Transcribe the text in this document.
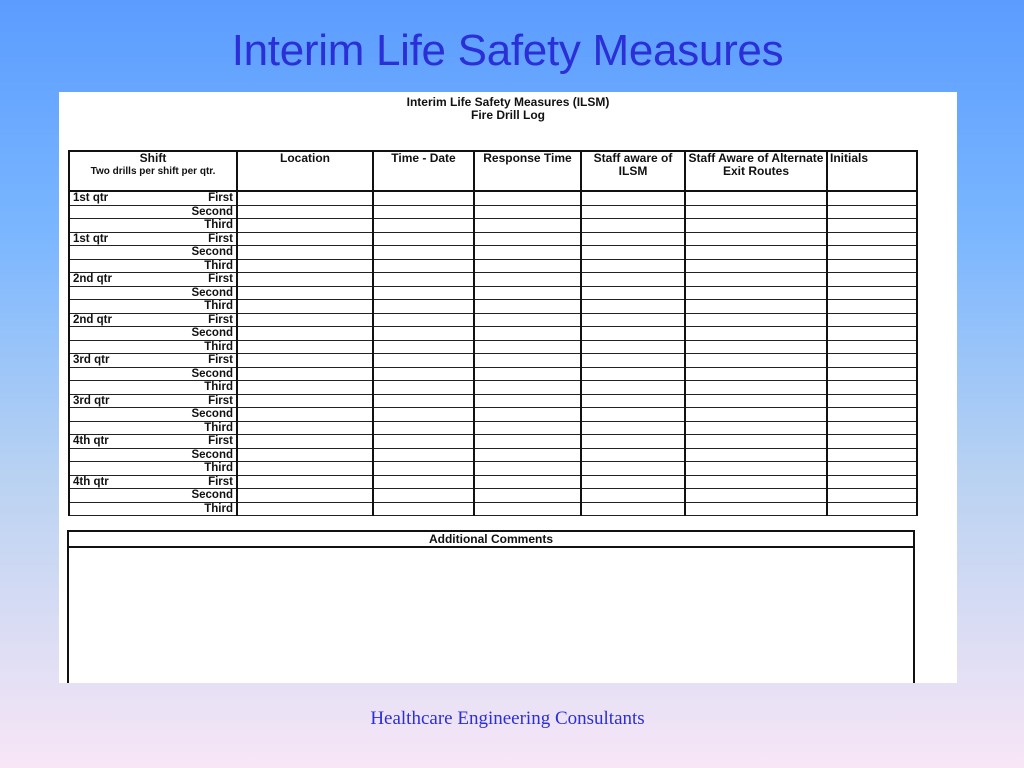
Interim Life Safety Measures
Interim Life Safety Measures (ILSM)
Fire Drill Log
Shift
Two drills per shift per qtr.	Location	Time - Date	Response Time	Staff aware of ILSM	Staff Aware of Alternate Exit Routes	Initials

1st qtr First						

Second						

Third						

1st qtr First						

Second						

Third						

2nd qtr First						

Second						

Third						

2nd qtr First						

Second						

Third						

3rd qtr First						

Second						

Third						

3rd qtr First						

Second						

Third						

4th qtr First						

Second						

Third						

4th qtr First						

Second						

Third						

Additional Comments
Healthcare Engineering Consultants
